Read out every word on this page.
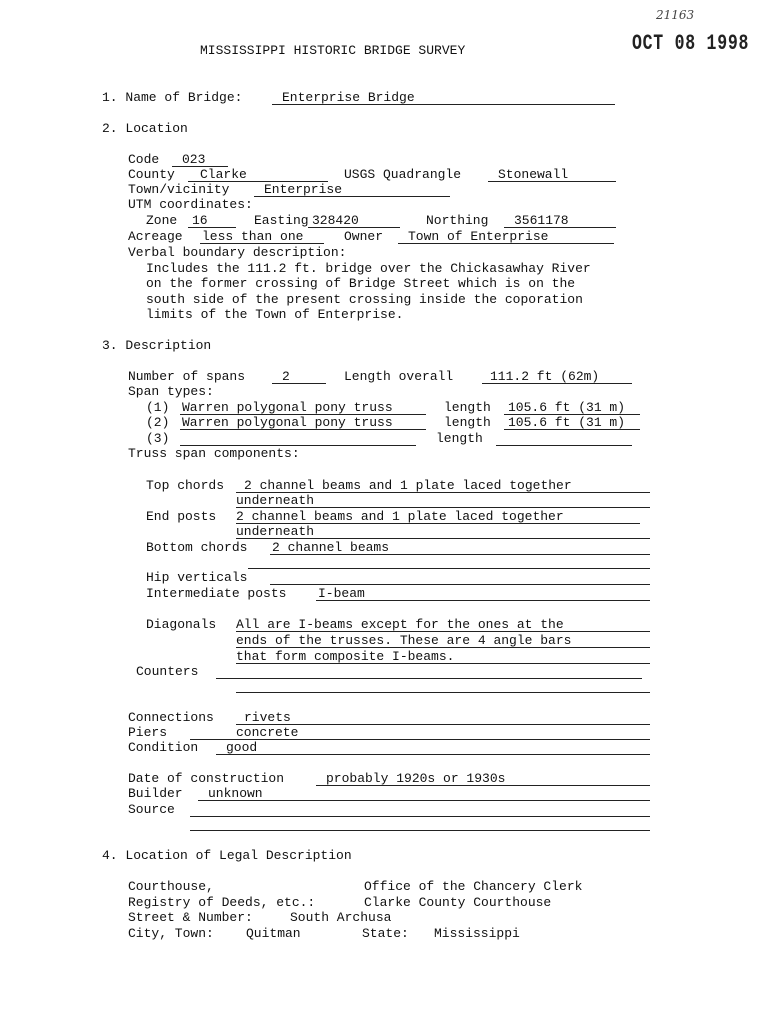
21163
MISSISSIPPI HISTORIC BRIDGE SURVEY	OCT 08 1998
1. Name of Bridge:	Enterprise Bridge
2. Location
Code 023
County Clarke	USGS Quadrangle	Stonewall
Town/vicinity	Enterprise
UTM coordinates:
Zone 16	Easting 328420	Northing 3561178
Acreage less than one	Owner Town of Enterprise
Verbal boundary description:
Includes the 111.2 ft. bridge over the Chickasawhay River
on the former crossing of Bridge Street which is on the
south side of the present crossing inside the coporation
limits of the Town of Enterprise.
3. Description
Number of spans	2	Length overall	111.2 ft (62m)
Span types:
(1) Warren polygonal pony truss	length 105.6 ft (31 m)
(2) Warren polygonal pony truss	length 105.6 ft (31 m)
(3)	length
Truss span components:
Top chords 2 channel beams and 1 plate laced together
underneath
End posts 2 channel beams and 1 plate laced together
underneath
Bottom chords 2 channel beams
Hip verticals
Intermediate posts I-beam
Diagonals All are I-beams except for the ones at the
ends of the trusses. These are 4 angle bars
that form composite I-beams.
Counters
Connections rivets
Piers	concrete
Condition good
Date of construction	probably 1920s or 1930s
Builder unknown
Source
4. Location of Legal Description
Courthouse,	Office of the Chancery Clerk
Registry of Deeds, etc.:	Clarke County Courthouse
Street & Number:	South Archusa
City, Town: Quitman	State: Mississippi
